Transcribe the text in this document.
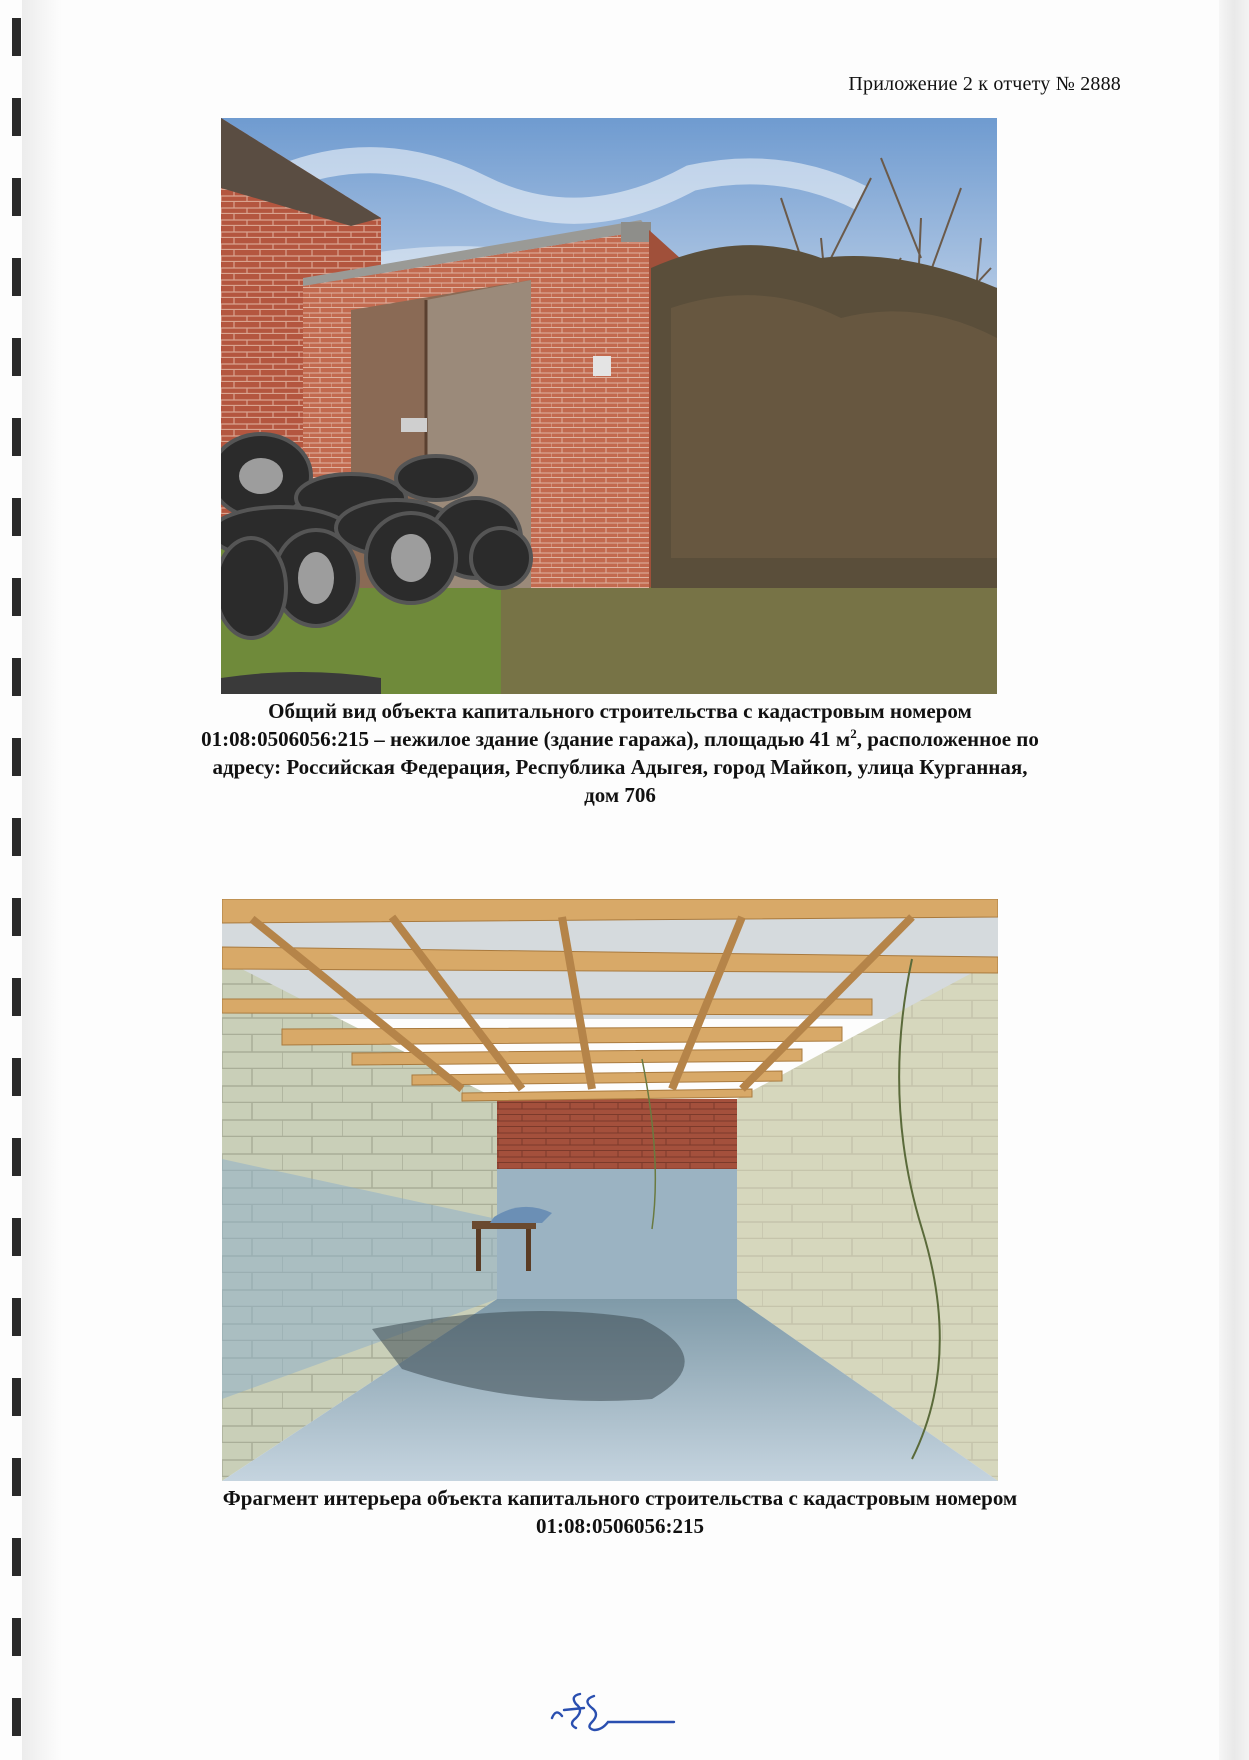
Приложение 2 к отчету № 2888
Общий вид объекта капитального строительства с кадастровым номером
01:08:0506056:215 – нежилое здание (здание гаража), площадью 41 $м^2$, расположенное по
адресу: Российская Федерация, Республика Адыгея, город Майкоп, улица Курганная,
дом 706
Фрагмент интерьера объекта капитального строительства с кадастровым номером
01:08:0506056:215
